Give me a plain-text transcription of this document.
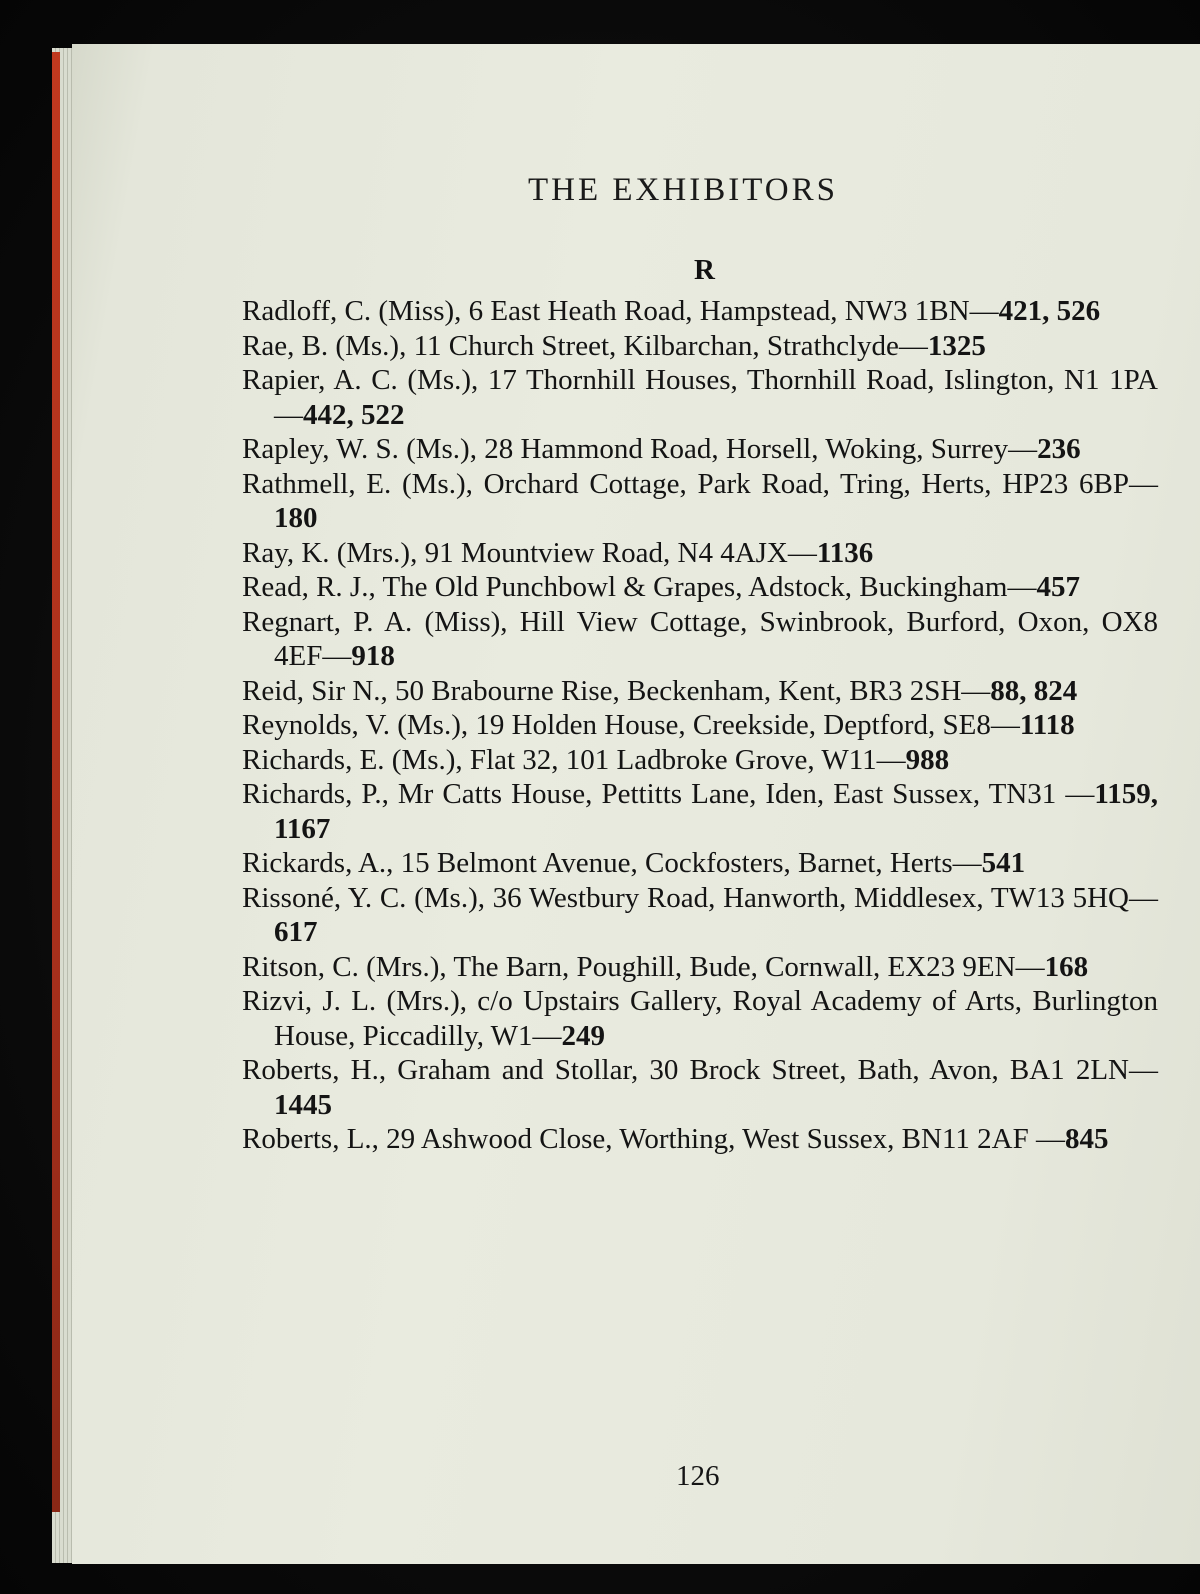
THE EXHIBITORS
R

Radloff, C. (Miss), 6 East Heath Road, Hampstead, NW3 1BN—421, 526

Rae, B. (Ms.), 11 Church Street, Kilbarchan, Strathclyde—1325

Rapier, A. C. (Ms.), 17 Thornhill Houses, Thornhill Road, Islington, N1 1PA—442, 522

Rapley, W. S. (Ms.), 28 Hammond Road, Horsell, Woking, Surrey—236

Rathmell, E. (Ms.), Orchard Cottage, Park Road, Tring, Herts, HP23 6BP—180

Ray, K. (Mrs.), 91 Mountview Road, N4 4AJX—1136

Read, R. J., The Old Punchbowl & Grapes, Adstock, Buckingham—457

Regnart, P. A. (Miss), Hill View Cottage, Swinbrook, Burford, Oxon, OX8 4EF—918

Reid, Sir N., 50 Brabourne Rise, Beckenham, Kent, BR3 2SH—88, 824

Reynolds, V. (Ms.), 19 Holden House, Creekside, Deptford, SE8—1118

Richards, E. (Ms.), Flat 32, 101 Ladbroke Grove, W11—988

Richards, P., Mr Catts House, Pettitts Lane, Iden, East Sussex, TN31 —1159, 1167

Rickards, A., 15 Belmont Avenue, Cockfosters, Barnet, Herts—541

Rissoné, Y. C. (Ms.), 36 Westbury Road, Hanworth, Middlesex, TW13 5HQ—617

Ritson, C. (Mrs.), The Barn, Poughill, Bude, Cornwall, EX23 9EN—168

Rizvi, J. L. (Mrs.), c/o Upstairs Gallery, Royal Academy of Arts, Burlington House, Piccadilly, W1—249

Roberts, H., Graham and Stollar, 30 Brock Street, Bath, Avon, BA1 2LN—1445

Roberts, L., 29 Ashwood Close, Worthing, West Sussex, BN11 2AF —845

126
